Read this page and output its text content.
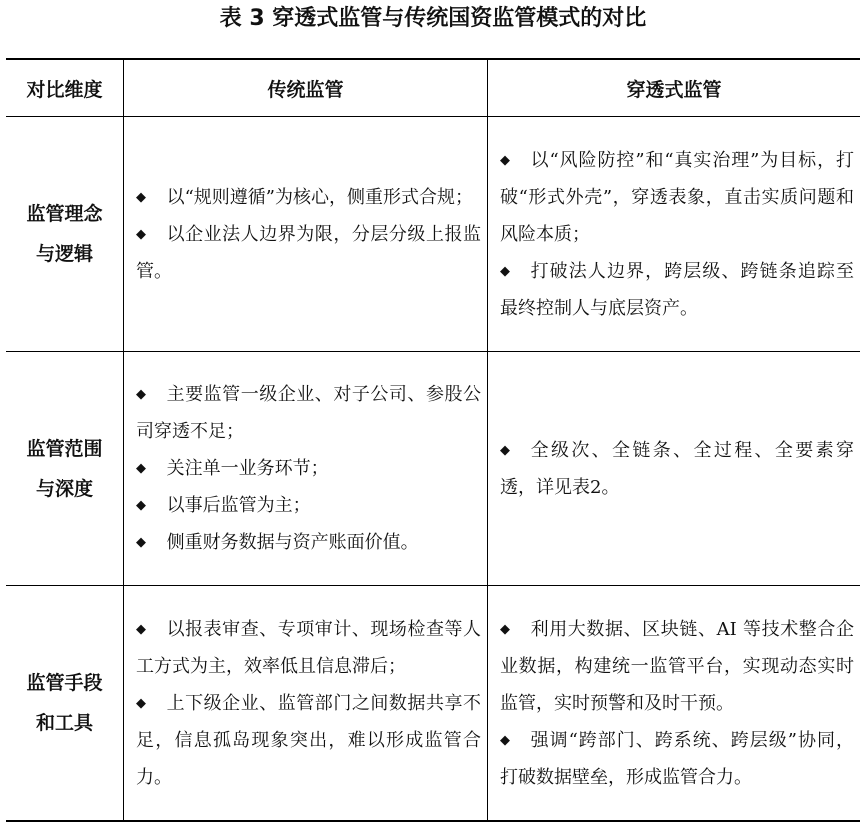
表 3 穿透式监管与传统国资监管模式的对比
对比维度	传统监管	穿透式监管
监管理念
与逻辑

◆ 以“规则遵循”为核心，侧重形式合规；

◆ 以企业法人边界为限，分层分级上报监管。

◆ 以“风险防控”和“真实治理”为目标，打破“形式外壳”，穿透表象，直击实质问题和风险本质；

◆ 打破法人边界，跨层级、跨链条追踪至最终控制人与底层资产。

监管范围
与深度

◆ 主要监管一级企业、对子公司、参股公司穿透不足；

◆ 关注单一业务环节；

◆ 以事后监管为主；

◆ 侧重财务数据与资产账面价值。

◆ 全级次、全链条、全过程、全要素穿透，详见表2。

监管手段
和工具

◆ 以报表审查、专项审计、现场检查等人工方式为主，效率低且信息滞后；

◆ 上下级企业、监管部门之间数据共享不足，信息孤岛现象突出，难以形成监管合力。

◆ 利用大数据、区块链、AI 等技术整合企业数据，构建统一监管平台，实现动态实时监管，实时预警和及时干预。

◆ 强调“跨部门、跨系统、跨层级”协同，打破数据壁垒，形成监管合力。
